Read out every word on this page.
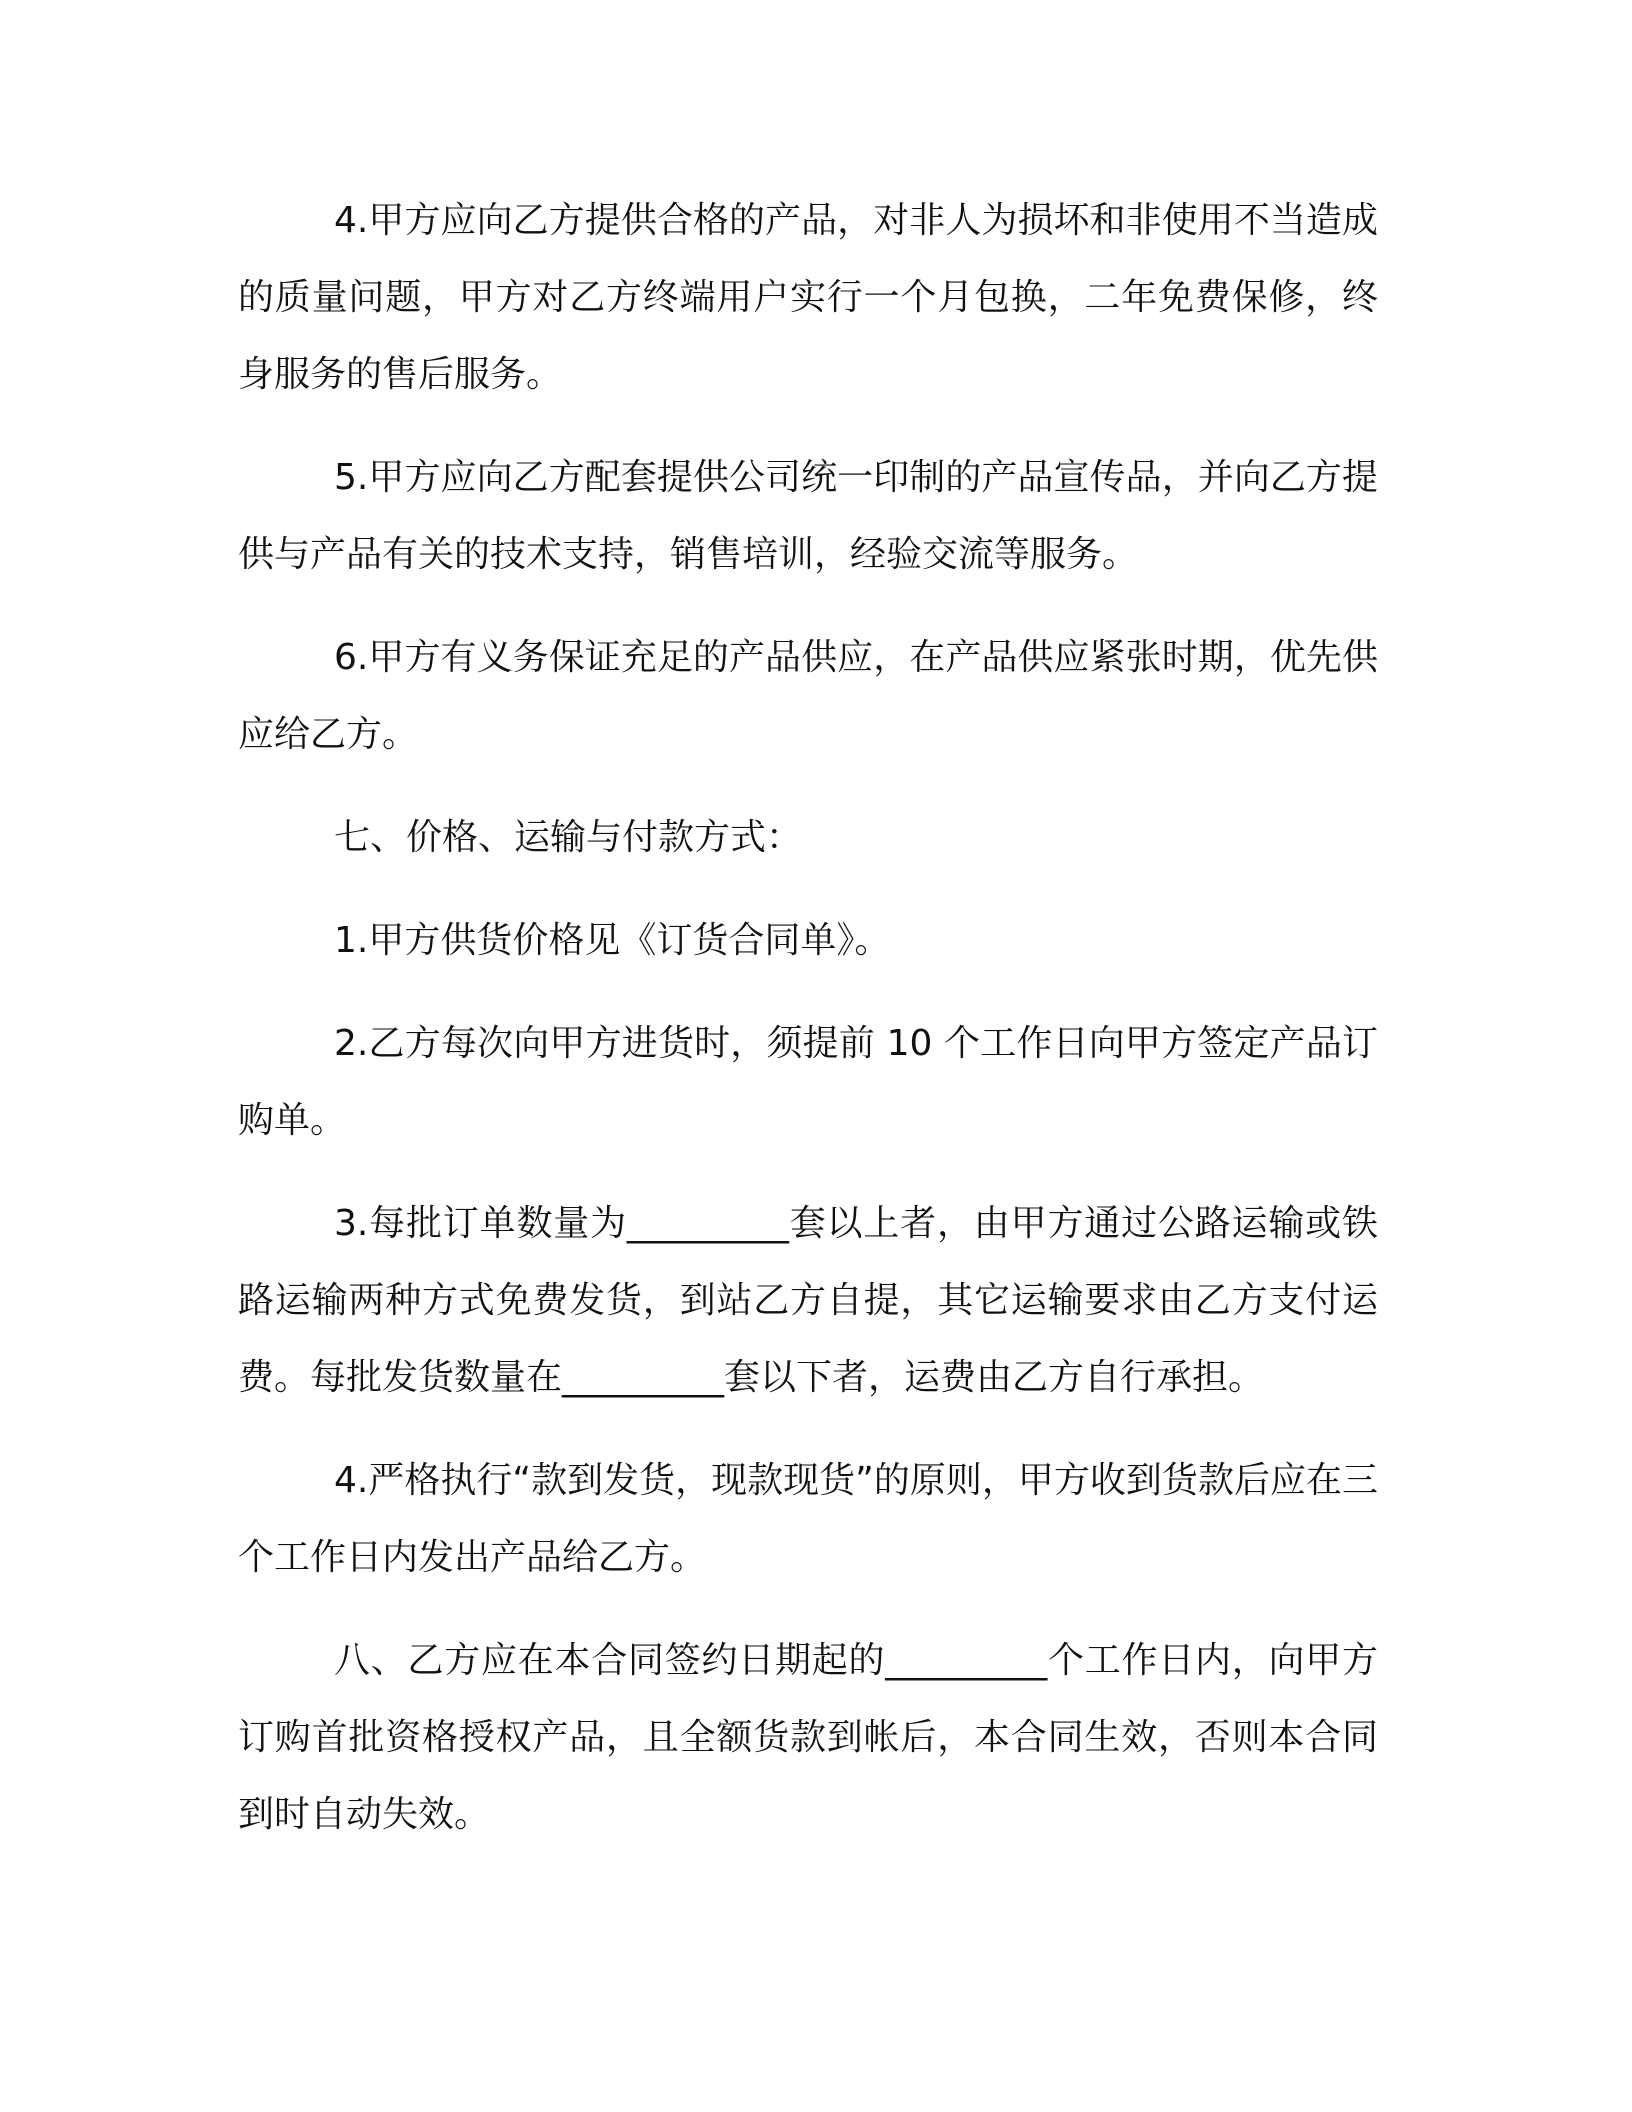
4.甲方应向乙方提供合格的产品，对非人为损坏和非使用不当造成的质量问题，甲方对乙方终端用户实行一个月包换，二年免费保修，终身服务的售后服务。

5.甲方应向乙方配套提供公司统一印制的产品宣传品，并向乙方提供与产品有关的技术支持，销售培训，经验交流等服务。

6.甲方有义务保证充足的产品供应，在产品供应紧张时期，优先供应给乙方。

七、价格、运输与付款方式：

1.甲方供货价格见《订货合同单》。

2.乙方每次向甲方进货时，须提前 10 个工作日向甲方签定产品订购单。

3.每批订单数量为_________套以上者，由甲方通过公路运输或铁路运输两种方式免费发货，到站乙方自提，其它运输要求由乙方支付运费。每批发货数量在_________套以下者，运费由乙方自行承担。

4.严格执行“款到发货，现款现货”的原则，甲方收到货款后应在三个工作日内发出产品给乙方。

八、乙方应在本合同签约日期起的_________个工作日内，向甲方订购首批资格授权产品，且全额货款到帐后，本合同生效，否则本合同到时自动失效。
